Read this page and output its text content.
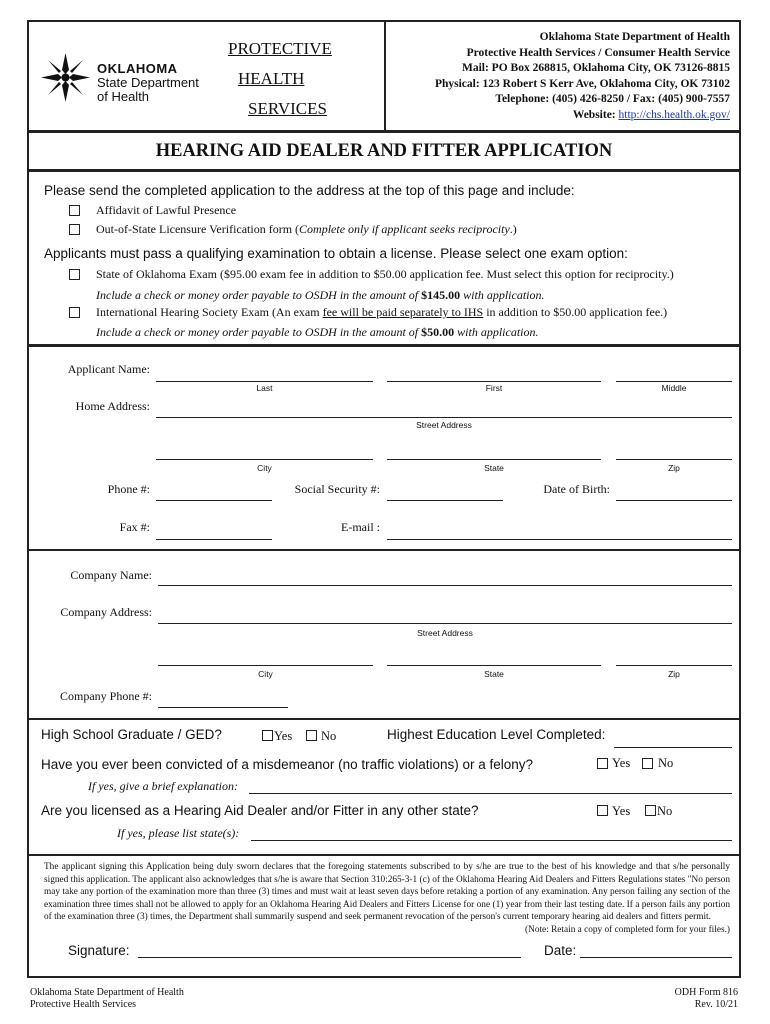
OKLAHOMA
State Department
of Health
PROTECTIVE
HEALTH
SERVICES
Oklahoma State Department of Health
Protective Health Services / Consumer Health Service
Mail: PO Box 268815, Oklahoma City, OK 73126-8815
Physical: 123 Robert S Kerr Ave, Oklahoma City, OK 73102
Telephone: (405) 426-8250 / Fax: (405) 900-7557
Website: http://chs.health.ok.gov/
HEARING AID DEALER AND FITTER APPLICATION
Please send the completed application to the address at the top of this page and include:
Affidavit of Lawful Presence
Out-of-State Licensure Verification form (Complete only if applicant seeks reciprocity.)
Applicants must pass a qualifying examination to obtain a license. Please select one exam option:
State of Oklahoma Exam ($95.00 exam fee in addition to $50.00 application fee. Must select this option for reciprocity.)
Include a check or money order payable to OSDH in the amount of $145.00 with application.
International Hearing Society Exam (An exam fee will be paid separately to IHS in addition to $50.00 application fee.)
Include a check or money order payable to OSDH in the amount of $50.00 with application.
Applicant Name:
Last	First	Middle
Home Address:
Street Address
City	State	Zip
Phone #:	Social Security #:	Date of Birth:
Fax #:	E-mail :
Company Name:
Company Address:
Street Address
City	State	Zip
Company Phone #:
High School Graduate / GED?	Yes No	Highest Education Level Completed:
Have you ever been convicted of a misdemeanor (no traffic violations) or a felony?	Yes No
If yes, give a brief explanation:
Are you licensed as a Hearing Aid Dealer and/or Fitter in any other state?	Yes No
If yes, please list state(s):
The applicant signing this Application being duly sworn declares that the foregoing statements subscribed to by s/he are true to the best of his knowledge and that s/he personally signed this application. The applicant also acknowledges that s/he is aware that Section 310:265-3-1 (c) of the Oklahoma Hearing Aid Dealers and Fitters Regulations states "No person may take any portion of the examination more than three (3) times and must wait at least seven days before retaking a portion of any examination. Any person failing any section of the examination three times shall not be allowed to apply for an Oklahoma Hearing Aid Dealers and Fitters License for one (1) year from their last testing date. If a person fails any portion of the examination three (3) times, the Department shall summarily suspend and seek permanent revocation of the person's current temporary hearing aid dealers and fitters permit.
(Note: Retain a copy of completed form for your files.)
Signature:	Date:
Oklahoma State Department of Health
Protective Health Services
ODH Form 816
Rev. 10/21
